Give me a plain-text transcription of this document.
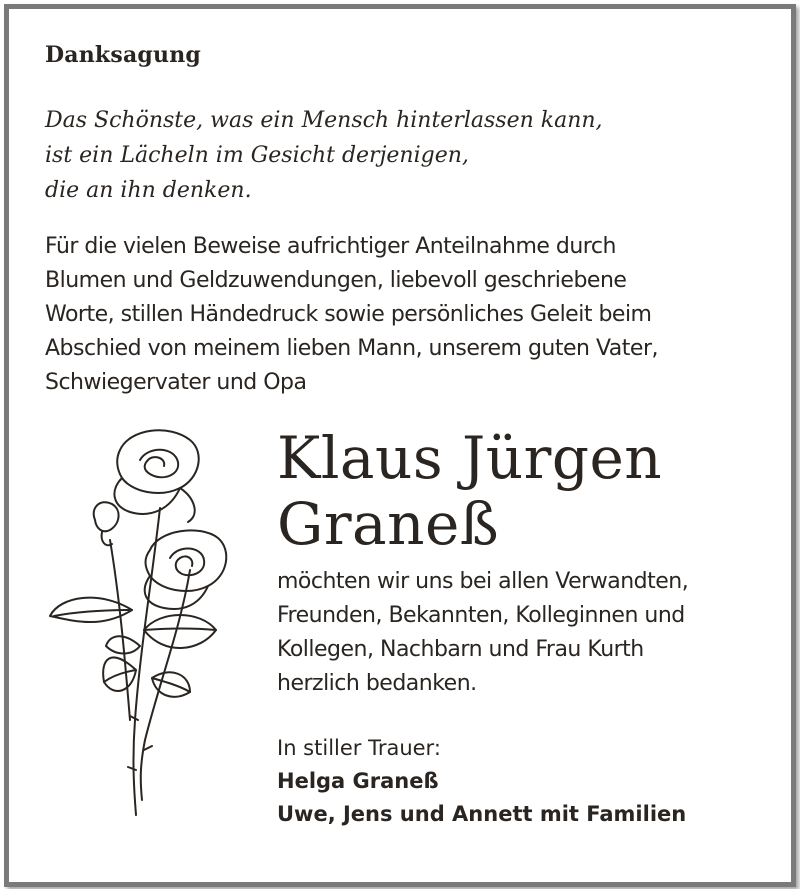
Danksagung
Das Schönste, was ein Mensch hinterlassen kann,
ist ein Lächeln im Gesicht derjenigen,
die an ihn denken.
Für die vielen Beweise aufrichtiger Anteilnahme durch
Blumen und Geldzuwendungen, liebevoll geschriebene
Worte, stillen Händedruck sowie persönliches Geleit beim
Abschied von meinem lieben Mann, unserem guten Vater,
Schwiegervater und Opa
Klaus Jürgen
Graneß
möchten wir uns bei allen Verwandten,
Freunden, Bekannten, Kolleginnen und
Kollegen, Nachbarn und Frau Kurth
herzlich bedanken.
In stiller Trauer:
Helga Graneß
Uwe, Jens und Annett mit Familien
